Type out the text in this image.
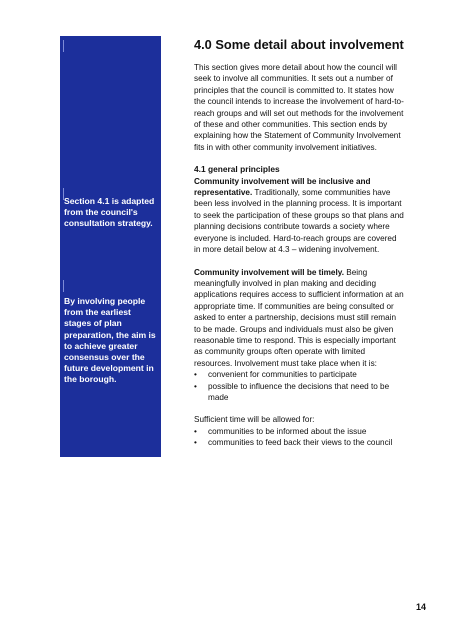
Section 4.1 is adapted from the council's consultation strategy.
By involving people from the earliest stages of plan preparation, the aim is to achieve greater consensus over the future development in the borough.
4.0 Some detail about involvement

This section gives more detail about how the council will seek to involve all communities. It sets out a number of principles that the council is committed to. It states how the council intends to increase the involvement of hard-to-reach groups and will set out methods for the involvement of these and other communities. This section ends by explaining how the Statement of Community Involvement fits in with other community involvement initiatives.

4.1 general principles

Community involvement will be inclusive and representative. Traditionally, some communities have been less involved in the planning process. It is important to seek the participation of these groups so that plans and planning decisions contribute towards a society where everyone is included. Hard-to-reach groups are covered in more detail below at 4.3 – widening involvement.

Community involvement will be timely. Being meaningfully involved in plan making and deciding applications requires access to sufficient information at an appropriate time. If communities are being consulted or asked to enter a partnership, decisions must still remain to be made. Groups and individuals must also be given reasonable time to respond. This is especially important as community groups often operate with limited resources. Involvement must take place when it is:

• convenient for communities to participate
• possible to influence the decisions that need to be made

Sufficient time will be allowed for:

• communities to be informed about the issue
• communities to feed back their views to the council
14
